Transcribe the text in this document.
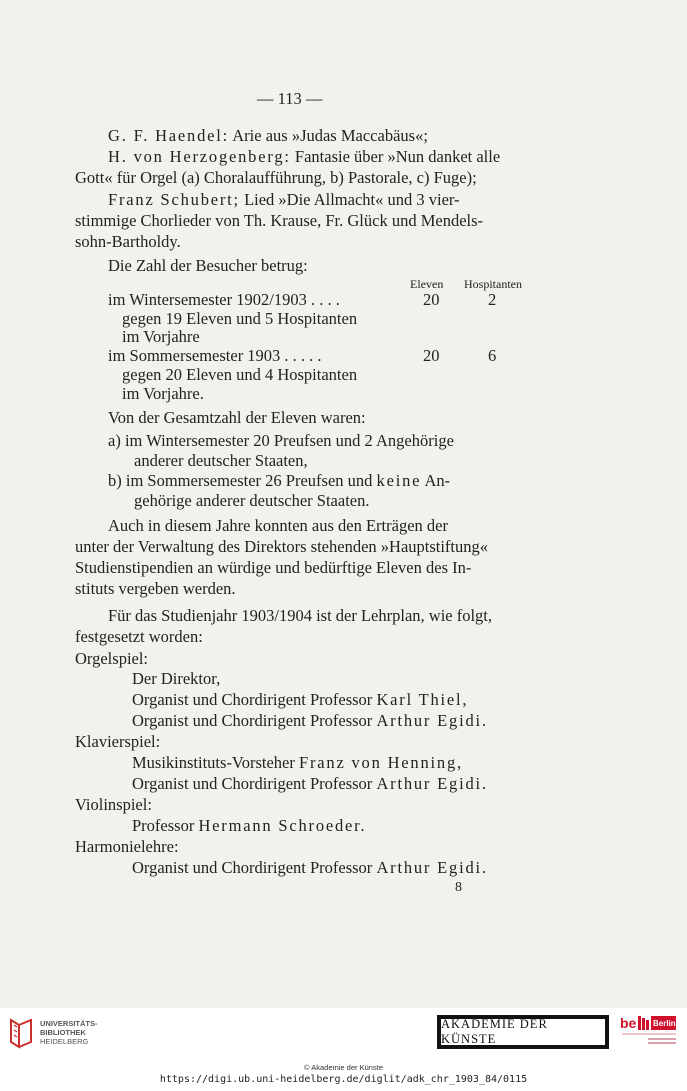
— 113 —
G. F. Haendel: Arie aus »Judas Maccabäus«;
H. von Herzogenberg: Fantasie über »Nun danket alle
Gott« für Orgel (a) Choralaufführung, b) Pastorale, c) Fuge);
Franz Schubert; Lied »Die Allmacht« und 3 vier-
stimmige Chorlieder von Th. Krause, Fr. Glück und Mendels-
sohn-Bartholdy.
Die Zahl der Besucher betrug:
Eleven Hospitanten
im Wintersemester 1902/1903 . . . .	20	2
gegen 19 Eleven und 5 Hospitanten
im Vorjahre
im Sommersemester 1903 . . . . .	20	6
gegen 20 Eleven und 4 Hospitanten
im Vorjahre.
Von der Gesamtzahl der Eleven waren:
a) im Wintersemester 20 Preufsen und 2 Angehörige
anderer deutscher Staaten,
b) im Sommersemester 26 Preufsen und keine An-
gehörige anderer deutscher Staaten.
Auch in diesem Jahre konnten aus den Erträgen der
unter der Verwaltung des Direktors stehenden »Hauptstiftung«
Studienstipendien an würdige und bedürftige Eleven des In-
stituts vergeben werden.
Für das Studienjahr 1903/1904 ist der Lehrplan, wie folgt,
festgesetzt worden:
Orgelspiel:
Der Direktor,
Organist und Chordirigent Professor Karl Thiel,
Organist und Chordirigent Professor Arthur Egidi.
Klavierspiel:
Musikinstituts-Vorsteher Franz von Henning,
Organist und Chordirigent Professor Arthur Egidi.
Violinspiel:
Professor Hermann Schroeder.
Harmonielehre:
Organist und Chordirigent Professor Arthur Egidi.
8
UNIVERSITÄTS-
BIBLIOTHEK
HEIDELBERG
AKADEMIE DER KÜNSTE
be Berlin
© Akademie der Künste
https://digi.ub.uni-heidelberg.de/diglit/adk_chr_1903_84/0115
